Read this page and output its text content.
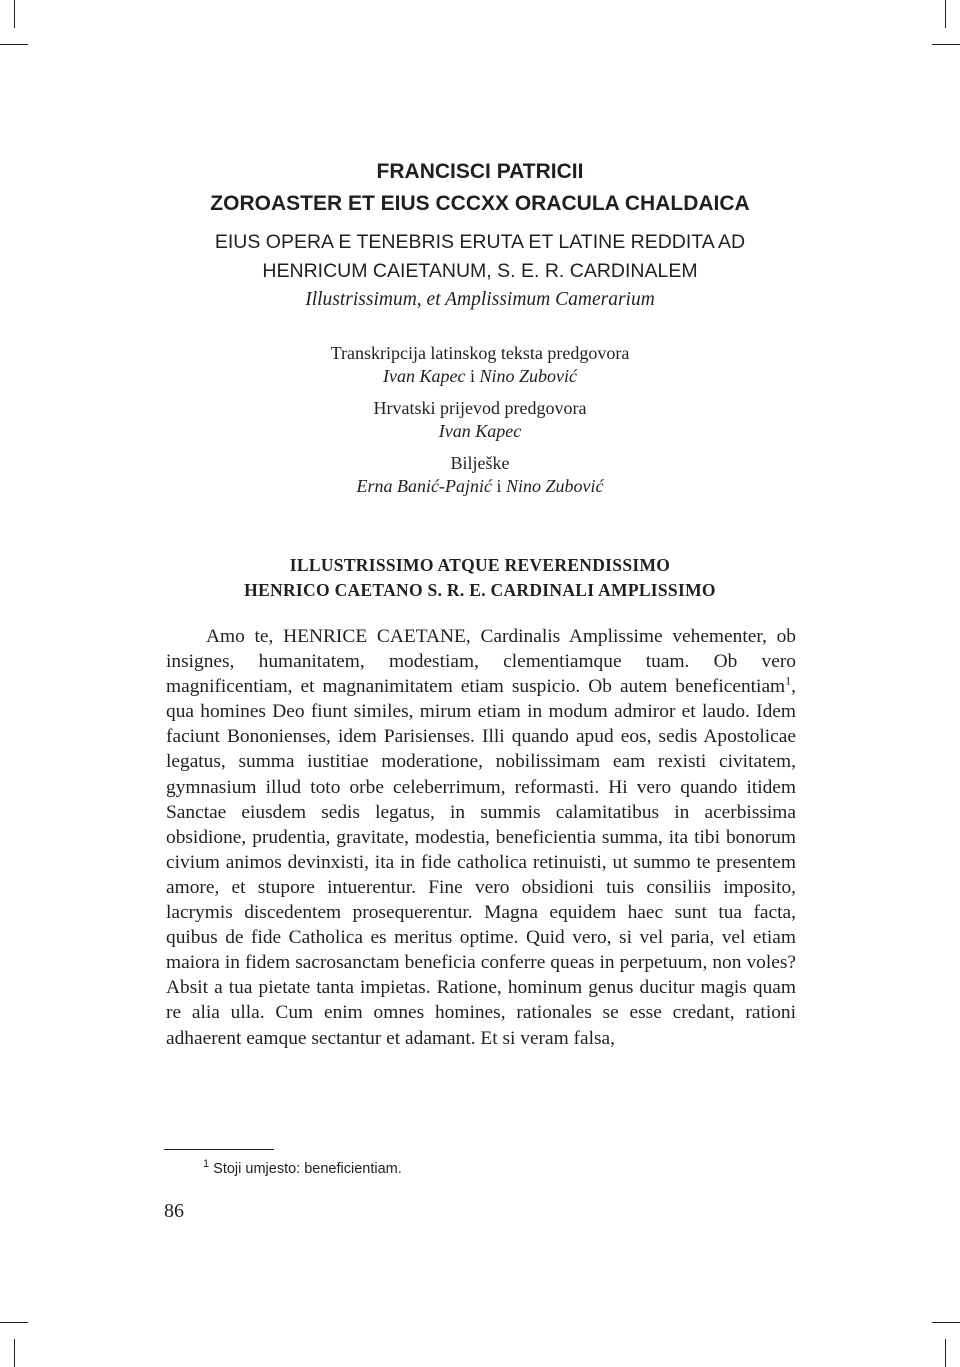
FRANCISCI PATRICII

ZOROASTER ET EIUS CCCXX ORACULA CHALDAICA

EIUS OPERA E TENEBRIS ERUTA ET LATINE REDDITA AD

HENRICUM CAIETANUM, S. E. R. CARDINALEM

Illustrissimum, et Amplissimum Camerarium

Transkripcija latinskog teksta predgovora

Ivan Kapec i Nino Zubović

Hrvatski prijevod predgovora

Ivan Kapec

Bilješke

Erna Banić-Pajnić i Nino Zubović

ILLUSTRISSIMO ATQUE REVERENDISSIMO

HENRICO CAETANO S. R. E. CARDINALI AMPLISSIMO

Amo te, HENRICE CAETANE, Cardinalis Amplissime vehementer, ob insignes, humanitatem, modestiam, clementiamque tuam. Ob vero magnificentiam, et magnanimitatem etiam suspicio. Ob autem beneficentiam$^1$, qua homines Deo fiunt similes, mirum etiam in modum admiror et laudo. Idem faciunt Bononienses, idem Parisienses. Illi quando apud eos, sedis Apostolicae legatus, summa iustitiae moderatione, nobilissimam eam rexisti civitatem, gymnasium illud toto orbe celeberrimum, reformasti. Hi vero quando itidem Sanctae eiusdem sedis legatus, in summis calamitatibus in acerbissima obsidione, prudentia, gravitate, modestia, beneficientia summa, ita tibi bonorum civium animos devinxisti, ita in fide catholica retinuisti, ut summo te presentem amore, et stupore intuerentur. Fine vero obsidioni tuis consiliis imposito, lacrymis discedentem prosequerentur. Magna equidem haec sunt tua facta, quibus de fide Catholica es meritus optime. Quid vero, si vel paria, vel etiam maiora in fidem sacrosanctam beneficia conferre queas in perpetuum, non voles? Absit a tua pietate tanta impietas. Ratione, hominum genus ducitur magis quam re alia ulla. Cum enim omnes homines, rationales se esse credant, rationi adhaerent eamque sectantur et adamant. Et si veram falsa,

$^1$ Stoji umjesto: beneficientiam.

86
